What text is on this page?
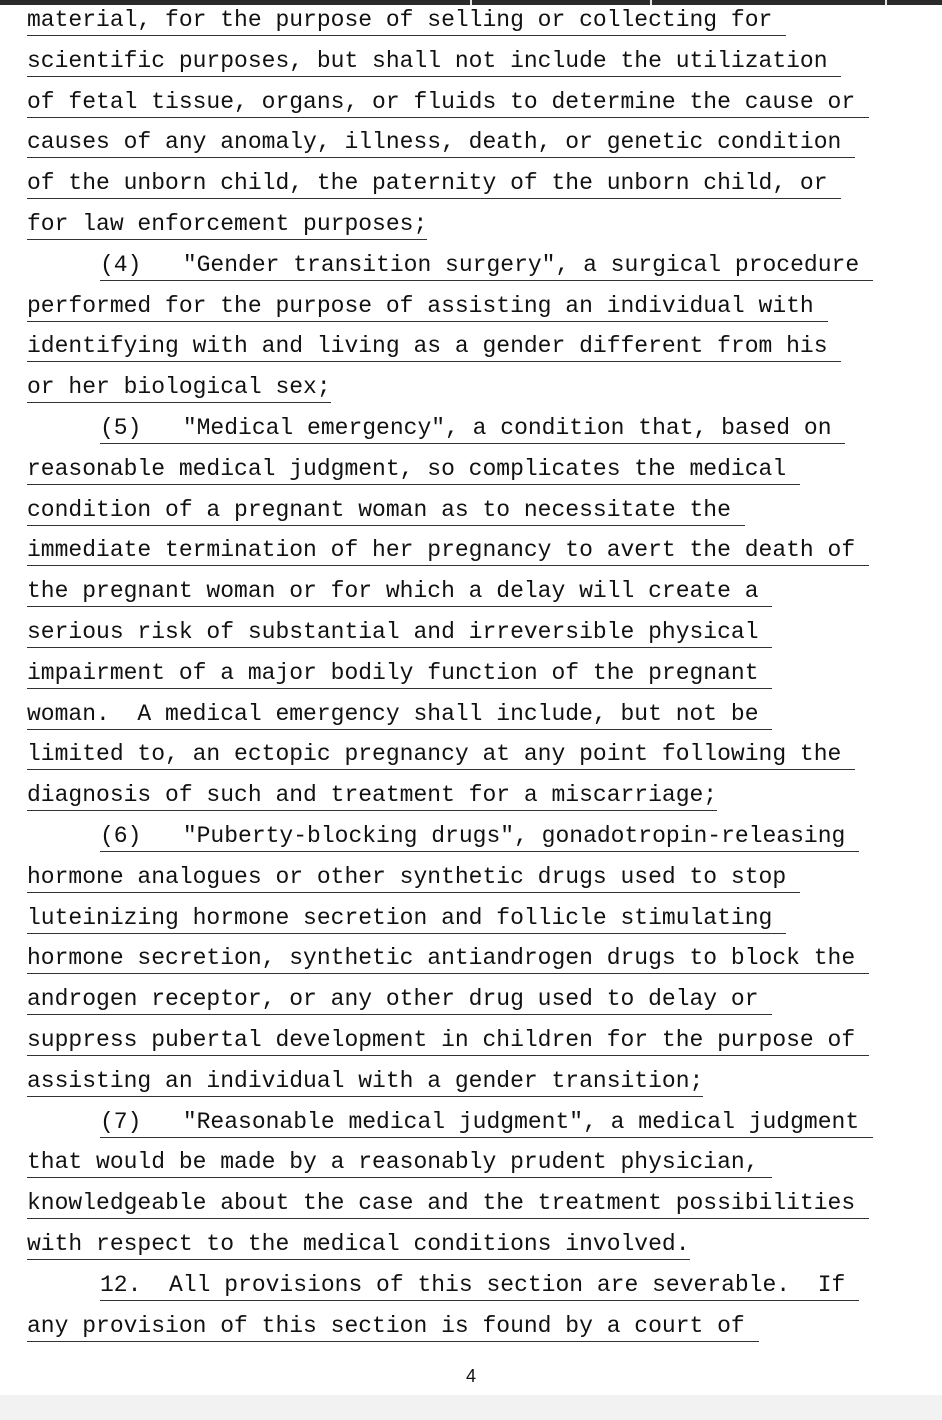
material, for the purpose of selling or collecting for
scientific purposes, but shall not include the utilization
of fetal tissue, organs, or fluids to determine the cause or
causes of any anomaly, illness, death, or genetic condition
of the unborn child, the paternity of the unborn child, or
for law enforcement purposes;
(4)   "Gender transition surgery", a surgical procedure
performed for the purpose of assisting an individual with
identifying with and living as a gender different from his
or her biological sex;
(5)   "Medical emergency", a condition that, based on
reasonable medical judgment, so complicates the medical
condition of a pregnant woman as to necessitate the
immediate termination of her pregnancy to avert the death of
the pregnant woman or for which a delay will create a
serious risk of substantial and irreversible physical
impairment of a major bodily function of the pregnant
woman.  A medical emergency shall include, but not be
limited to, an ectopic pregnancy at any point following the
diagnosis of such and treatment for a miscarriage;
(6)   "Puberty-blocking drugs", gonadotropin-releasing
hormone analogues or other synthetic drugs used to stop
luteinizing hormone secretion and follicle stimulating
hormone secretion, synthetic antiandrogen drugs to block the
androgen receptor, or any other drug used to delay or
suppress pubertal development in children for the purpose of
assisting an individual with a gender transition;
(7)   "Reasonable medical judgment", a medical judgment
that would be made by a reasonably prudent physician,
knowledgeable about the case and the treatment possibilities
with respect to the medical conditions involved.
12.  All provisions of this section are severable.  If
any provision of this section is found by a court of
4
